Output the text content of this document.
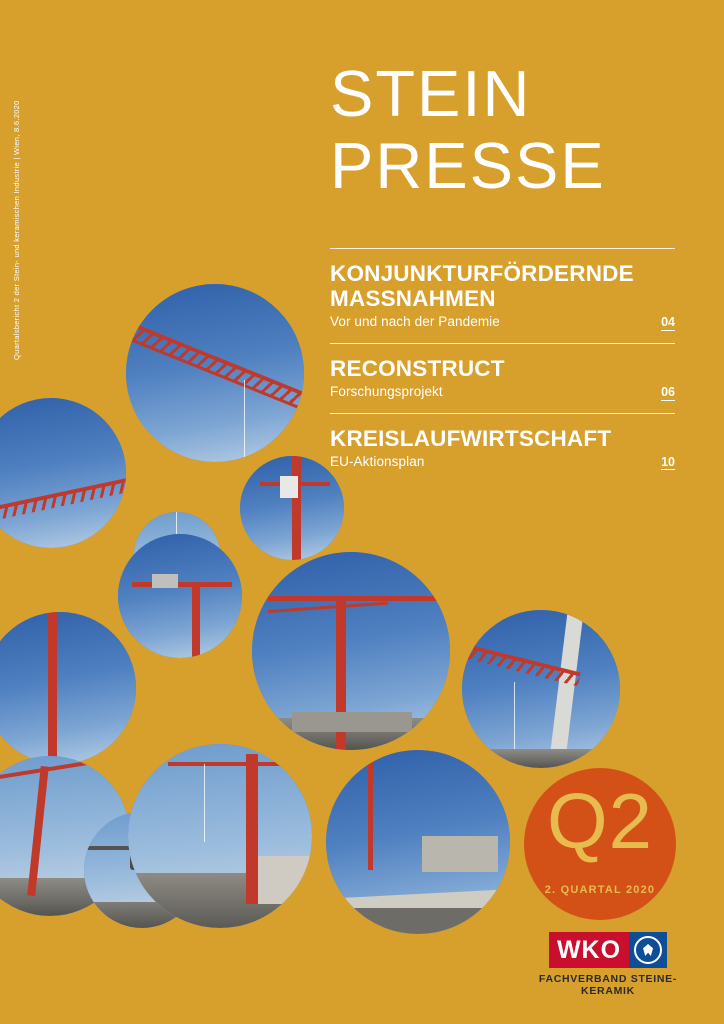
Quartalsbericht 2 der Stein- und keramischen Industrie | Wien, 8.6.2020
STEIN
PRESSE
KONJUNKTURFÖRDERNDE MASSNAHMEN
Vor und nach der Pandemie	04
RECONSTRUCT
Forschungsprojekt	06
KREISLAUFWIRTSCHAFT
EU-Aktionsplan	10
Q2
2. QUARTAL 2020
WKO
FACHVERBAND STEINE-KERAMIK
